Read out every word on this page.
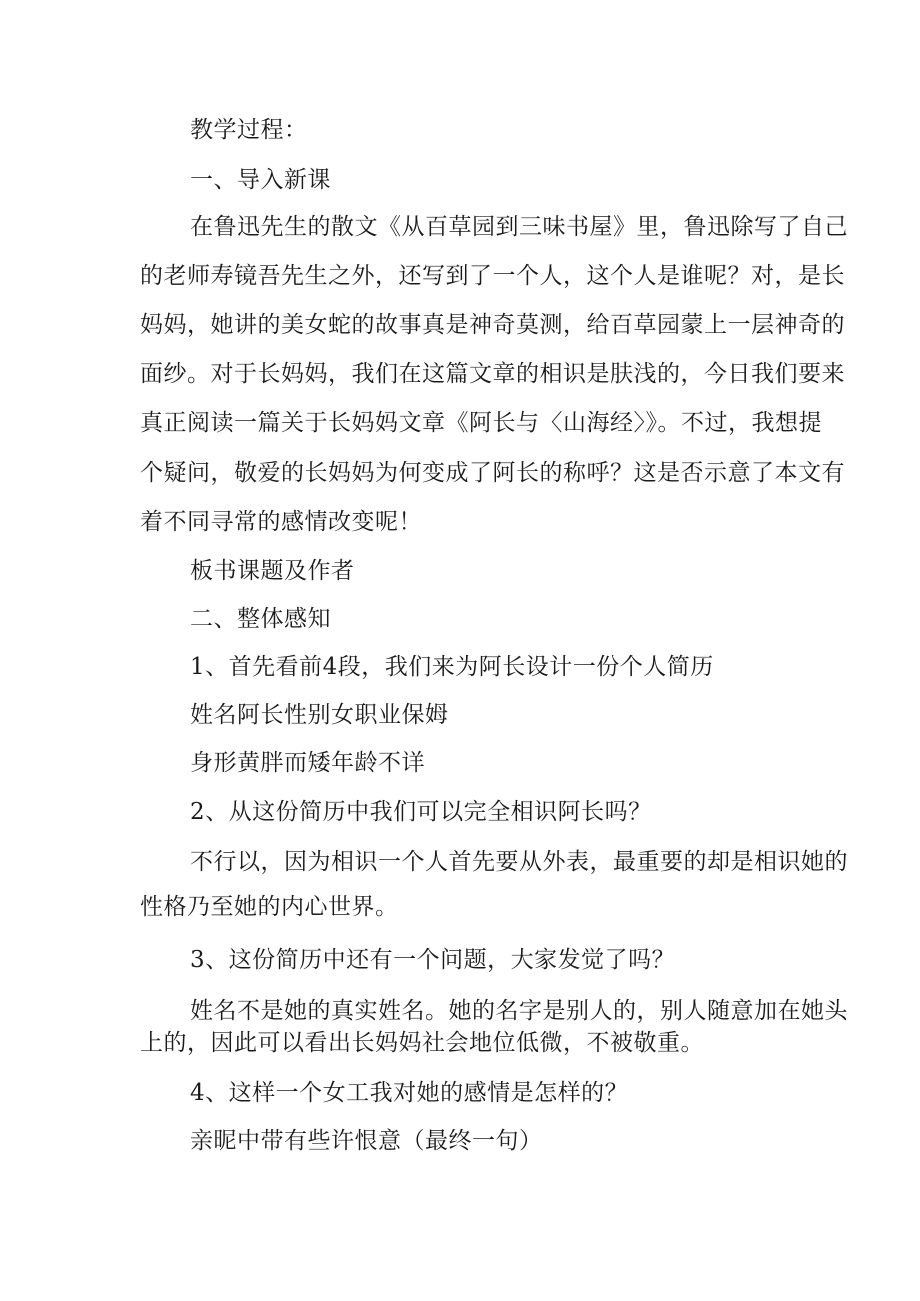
教学过程：
一、导入新课
在鲁迅先生的散文《从百草园到三味书屋》里，鲁迅除写了自己
的老师寿镜吾先生之外，还写到了一个人，这个人是谁呢？对，是长
妈妈，她讲的美女蛇的故事真是神奇莫测，给百草园蒙上一层神奇的
面纱。对于长妈妈，我们在这篇文章的相识是肤浅的，今日我们要来
真正阅读一篇关于长妈妈文章《阿长与〈山海经〉》。不过，我想提
个疑问，敬爱的长妈妈为何变成了阿长的称呼？这是否示意了本文有
着不同寻常的感情改变呢！
板书课题及作者
二、整体感知
1、首先看前4段，我们来为阿长设计一份个人简历
姓名阿长性别女职业保姆
身形黄胖而矮年龄不详
2、从这份简历中我们可以完全相识阿长吗？
不行以，因为相识一个人首先要从外表，最重要的却是相识她的
性格乃至她的内心世界。
3、这份简历中还有一个问题，大家发觉了吗？
姓名不是她的真实姓名。她的名字是别人的，别人随意加在她头
上的，因此可以看出长妈妈社会地位低微，不被敬重。
4、这样一个女工我对她的感情是怎样的？
亲昵中带有些许恨意（最终一句）
